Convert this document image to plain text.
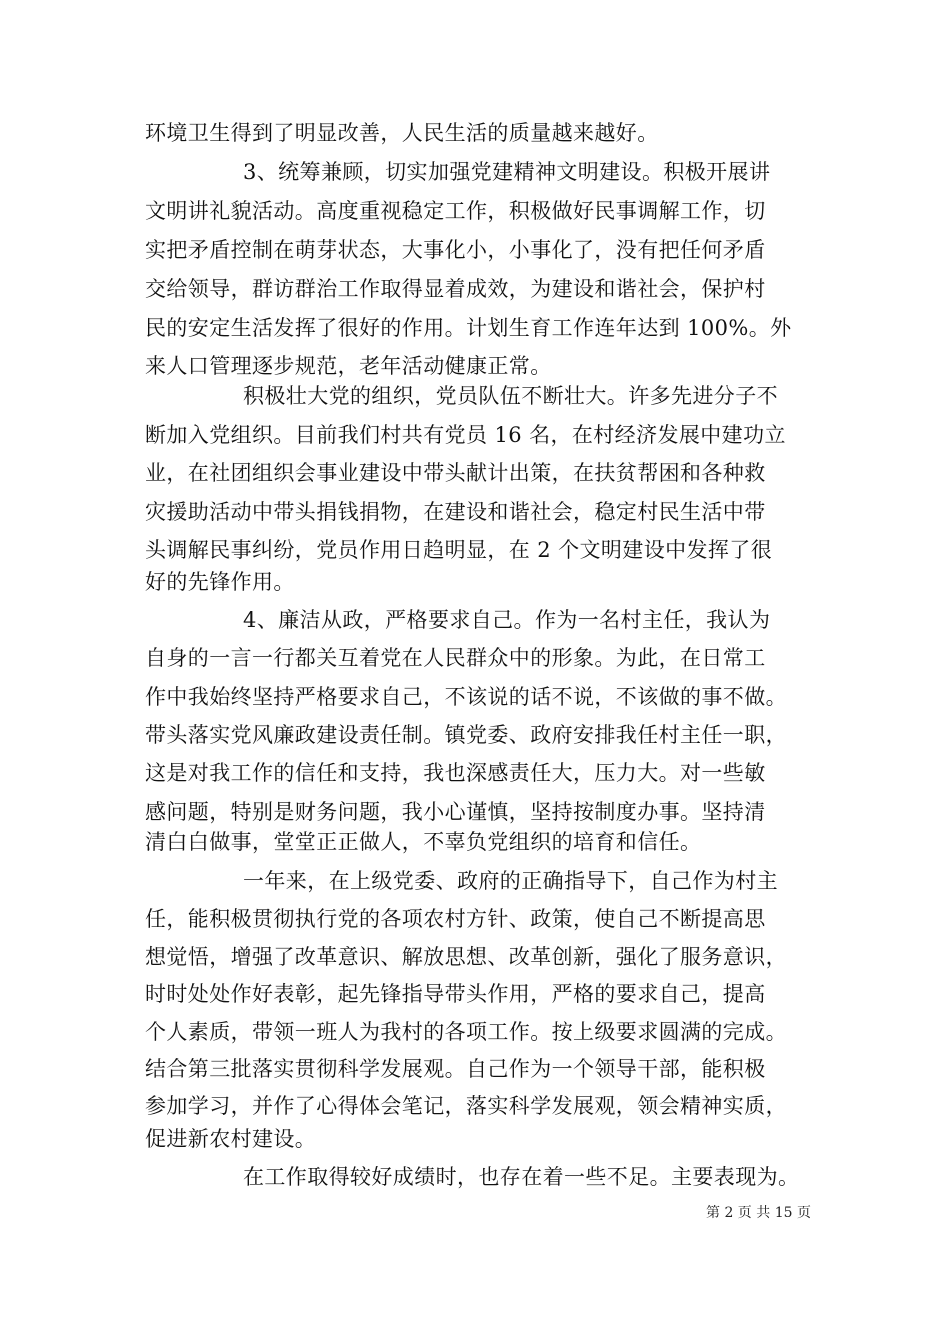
环境卫生得到了明显改善，人民生活的质量越来越好。
3、统筹兼顾，切实加强党建精神文明建设。积极开展讲
文明讲礼貌活动。高度重视稳定工作，积极做好民事调解工作，切
实把矛盾控制在萌芽状态，大事化小，小事化了，没有把任何矛盾
交给领导，群访群治工作取得显着成效，为建设和谐社会，保护村
民的安定生活发挥了很好的作用。计划生育工作连年达到 100%。外
来人口管理逐步规范，老年活动健康正常。
积极壮大党的组织，党员队伍不断壮大。许多先进分子不
断加入党组织。目前我们村共有党员 16 名，在村经济发展中建功立
业，在社团组织会事业建设中带头献计出策，在扶贫帮困和各种救
灾援助活动中带头捐钱捐物，在建设和谐社会，稳定村民生活中带
头调解民事纠纷，党员作用日趋明显，在 2 个文明建设中发挥了很
好的先锋作用。
4、廉洁从政，严格要求自己。作为一名村主任，我认为
自身的一言一行都关互着党在人民群众中的形象。为此，在日常工
作中我始终坚持严格要求自己，不该说的话不说，不该做的事不做。
带头落实党风廉政建设责任制。镇党委、政府安排我任村主任一职，
这是对我工作的信任和支持，我也深感责任大，压力大。对一些敏
感问题，特别是财务问题，我小心谨慎，坚持按制度办事。坚持清
清白白做事，堂堂正正做人，不辜负党组织的培育和信任。
一年来，在上级党委、政府的正确指导下，自己作为村主
任，能积极贯彻执行党的各项农村方针、政策，使自己不断提高思
想觉悟，增强了改革意识、解放思想、改革创新，强化了服务意识，
时时处处作好表彰，起先锋指导带头作用，严格的要求自己，提高
个人素质，带领一班人为我村的各项工作。按上级要求圆满的完成。
结合第三批落实贯彻科学发展观。自己作为一个领导干部，能积极
参加学习，并作了心得体会笔记，落实科学发展观，领会精神实质，
促进新农村建设。
在工作取得较好成绩时，也存在着一些不足。主要表现为。
第 2 页 共 15 页
